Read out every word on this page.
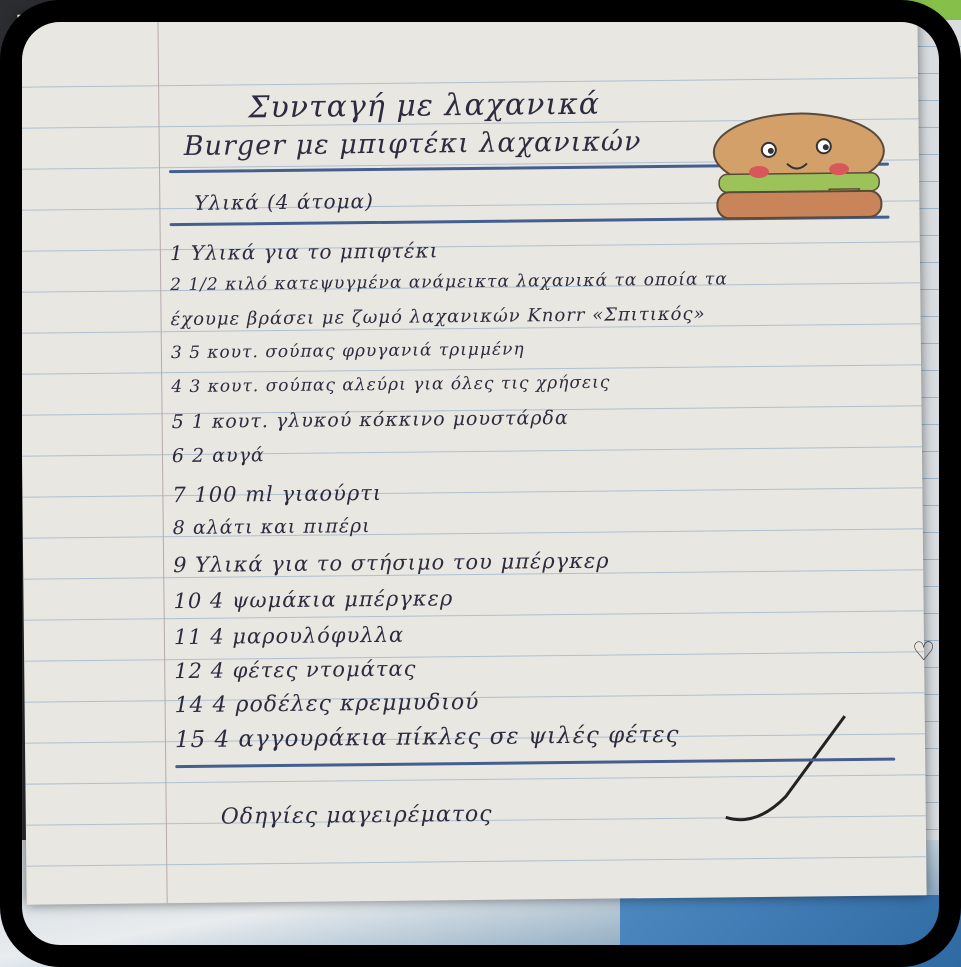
Συνταγή με λαχανικά
Burger με μπιφτέκι λαχανικών
Υλικά (4 άτομα)
1 Υλικά για το μπιφτέκι
2 1/2 κιλό κατεψυγμένα ανάμεικτα λαχανικά τα οποία τα
έχουμε βράσει με ζωμό λαχανικών Knorr «Σπιτικός»
3 5 κουτ. σούπας φρυγανιά τριμμένη
4 3 κουτ. σούπας αλεύρι για όλες τις χρήσεις
5 1 κουτ. γλυκού κόκκινο μουστάρδα
6 2 αυγά
7 100 ml γιαούρτι
8 αλάτι και πιπέρι
9 Υλικά για το στήσιμο του μπέργκερ
10 4 ψωμάκια μπέργκερ
11 4 μαρουλόφυλλα
12 4 φέτες ντομάτας
14 4 ροδέλες κρεμμυδιού
15 4 αγγουράκια πίκλες σε ψιλές φέτες
♡
Οδηγίες μαγειρέματος
